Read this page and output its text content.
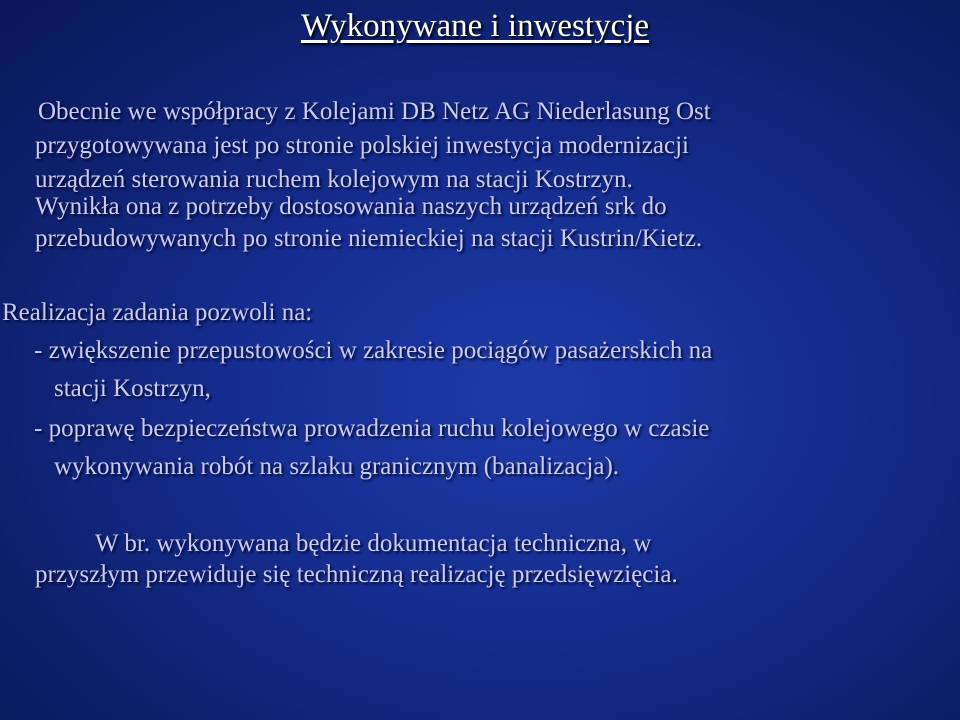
Wykonywane i inwestycje
Obecnie we współpracy z Kolejami DB Netz AG Niederlasung Ost
przygotowywana jest po stronie polskiej inwestycja modernizacji
urządzeń sterowania ruchem kolejowym na stacji Kostrzyn.
Wynikła ona z potrzeby dostosowania naszych urządzeń srk do
przebudowywanych po stronie niemieckiej na stacji Kustrin/Kietz.
Realizacja zadania pozwoli na:
- zwiększenie przepustowości w zakresie pociągów pasażerskich na
stacji Kostrzyn,
- poprawę bezpieczeństwa prowadzenia ruchu kolejowego w czasie
wykonywania robót na szlaku granicznym (banalizacja).
W br. wykonywana będzie dokumentacja techniczna, w
przyszłym przewiduje się techniczną realizację przedsięwzięcia.
